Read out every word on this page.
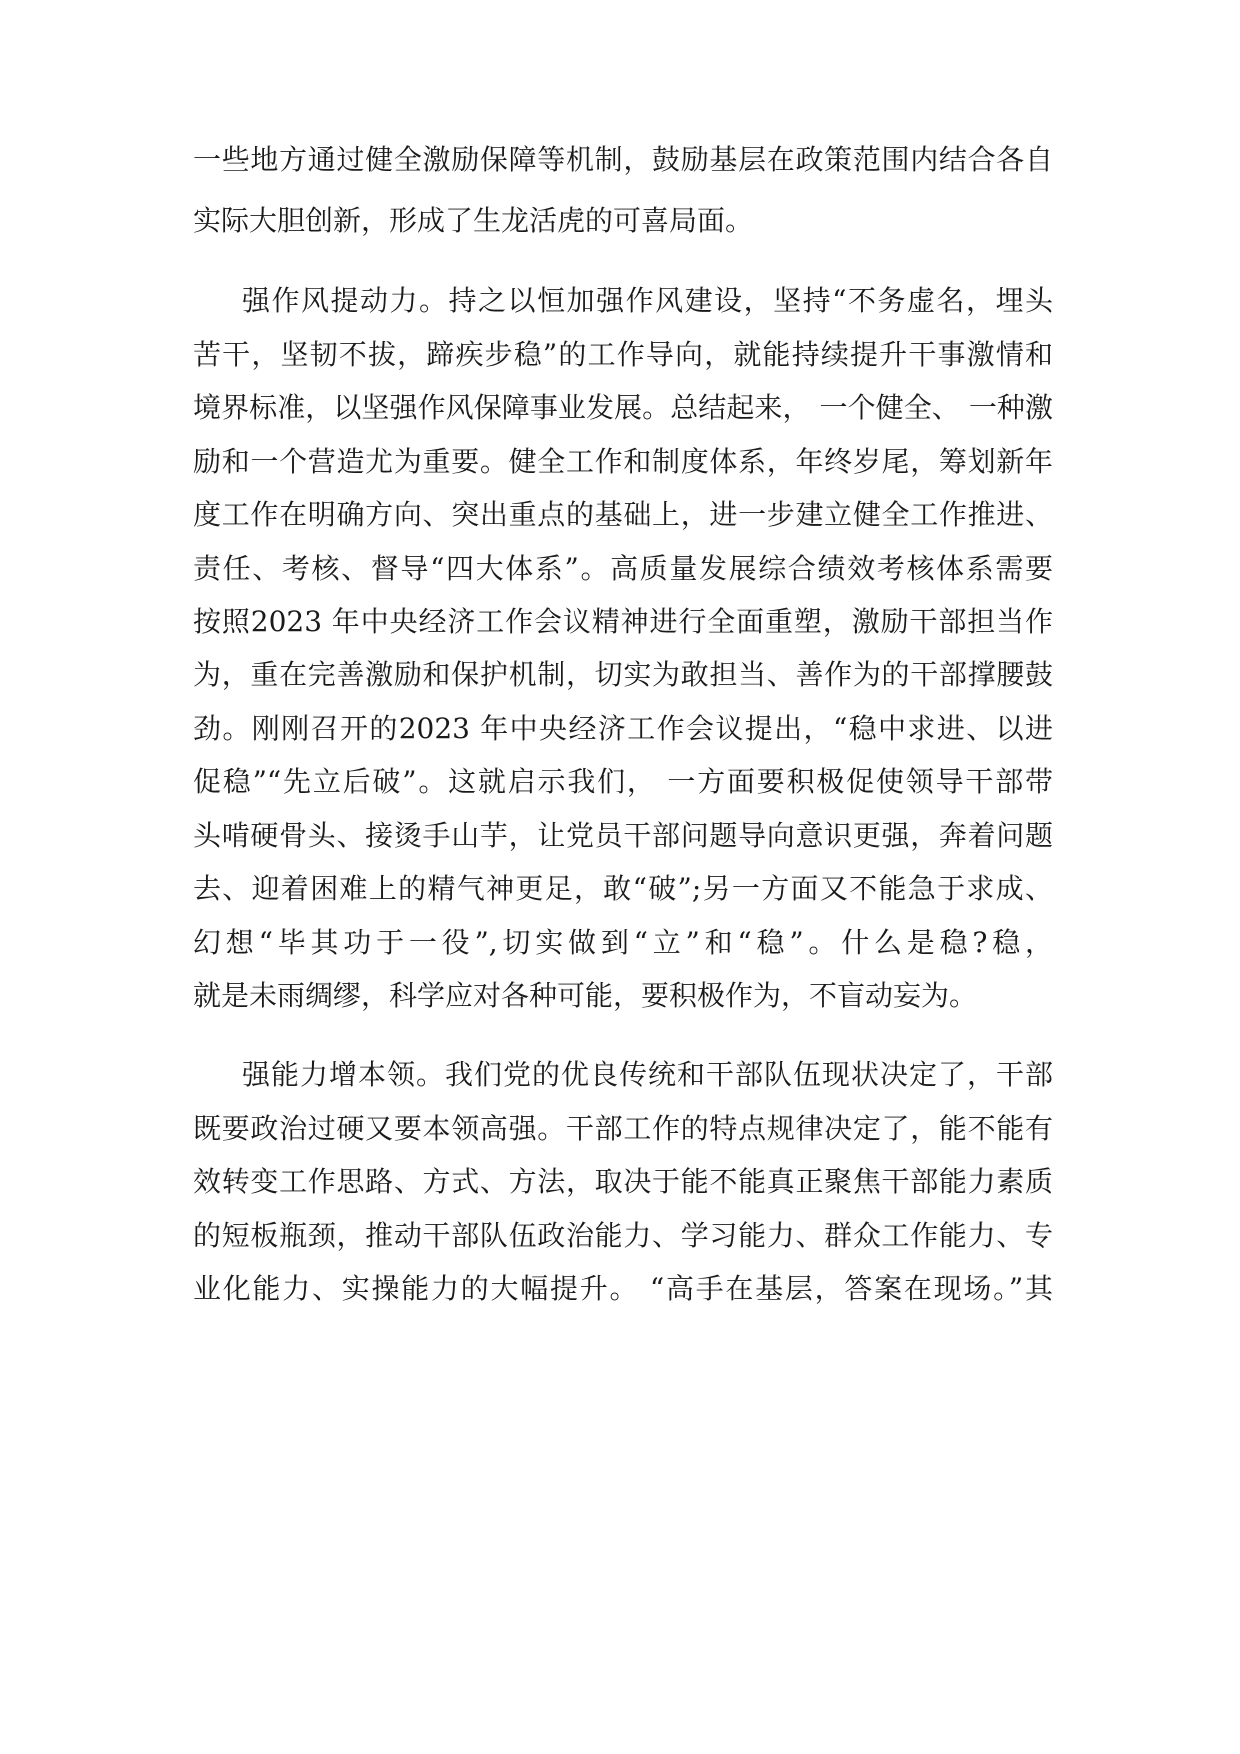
一些地方通过健全激励保障等机制，鼓励基层在政策范围内结合各自
实际大胆创新，形成了生龙活虎的可喜局面。
强作风提动力。持之以恒加强作风建设，坚持“不务虚名，埋头
苦干，坚韧不拔，蹄疾步稳”的工作导向，就能持续提升干事激情和
境界标准，以坚强作风保障事业发展。总结起来， 一个健全、 一种激
励和一个营造尤为重要。健全工作和制度体系，年终岁尾，筹划新年
度工作在明确方向、突出重点的基础上，进一步建立健全工作推进、
责任、考核、督导“四大体系”。高质量发展综合绩效考核体系需要
按照2023 年中央经济工作会议精神进行全面重塑，激励干部担当作
为，重在完善激励和保护机制，切实为敢担当、善作为的干部撑腰鼓
劲。刚刚召开的2023 年中央经济工作会议提出，“稳中求进、以进
促稳”“先立后破”。这就启示我们， 一方面要积极促使领导干部带
头啃硬骨头、接烫手山芋，让党员干部问题导向意识更强，奔着问题
去、迎着困难上的精气神更足，敢“破”;另一方面又不能急于求成、
幻想“毕其功于一役”,切实做到“立”和“稳”。什么是稳?稳，
就是未雨绸缪，科学应对各种可能，要积极作为，不盲动妄为。
强能力增本领。我们党的优良传统和干部队伍现状决定了，干部
既要政治过硬又要本领高强。干部工作的特点规律决定了，能不能有
效转变工作思路、方式、方法，取决于能不能真正聚焦干部能力素质
的短板瓶颈，推动干部队伍政治能力、学习能力、群众工作能力、专
业化能力、实操能力的大幅提升。 “高手在基层，答案在现场。”其
